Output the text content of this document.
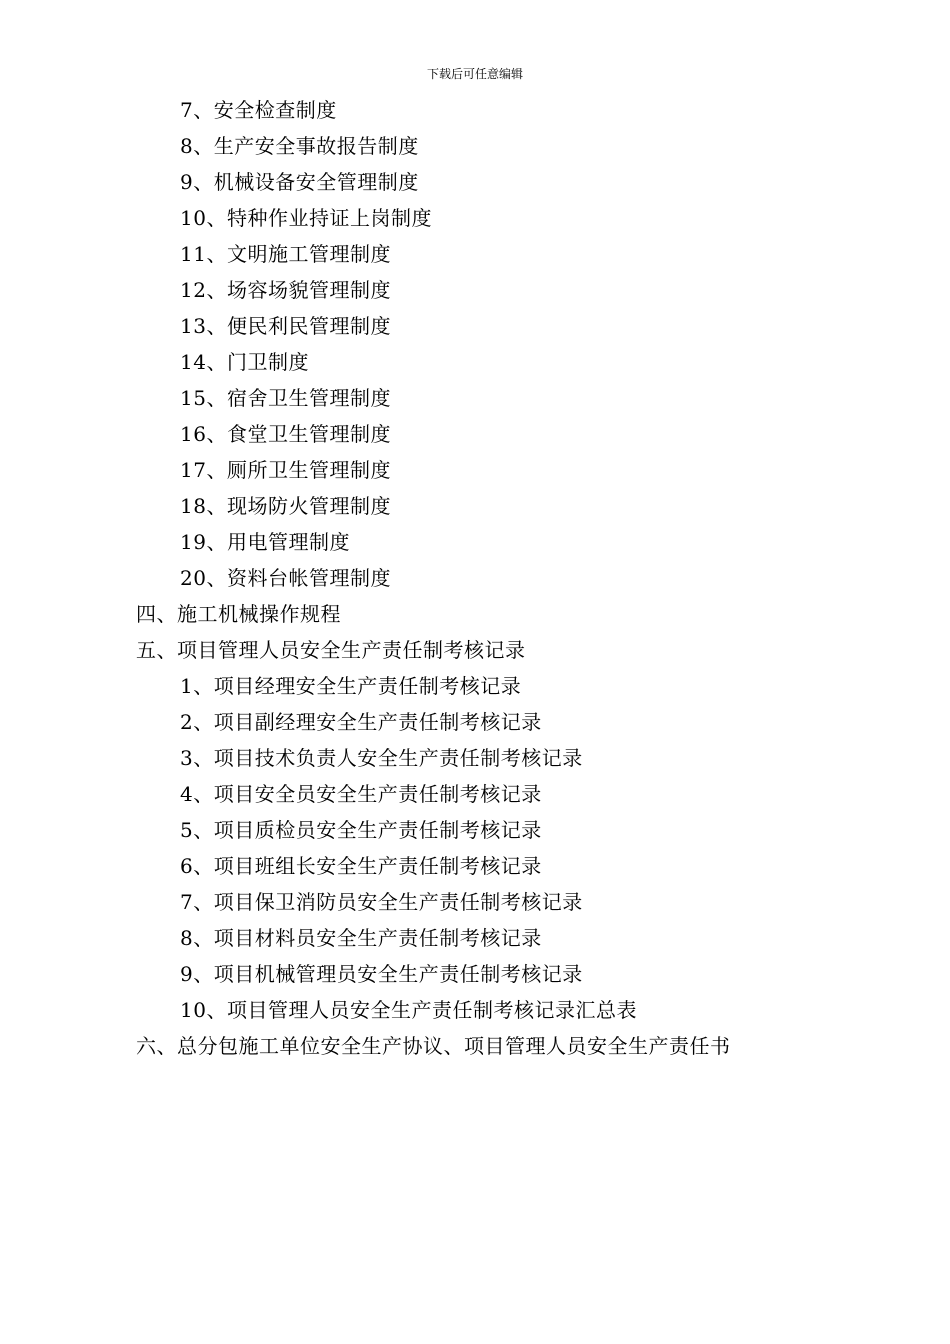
下载后可任意编辑
7、安全检查制度
8、生产安全事故报告制度
9、机械设备安全管理制度
10、特种作业持证上岗制度
11、文明施工管理制度
12、场容场貌管理制度
13、便民利民管理制度
14、门卫制度
15、宿舍卫生管理制度
16、食堂卫生管理制度
17、厕所卫生管理制度
18、现场防火管理制度
19、用电管理制度
20、资料台帐管理制度
四、施工机械操作规程
五、项目管理人员安全生产责任制考核记录
1、项目经理安全生产责任制考核记录
2、项目副经理安全生产责任制考核记录
3、项目技术负责人安全生产责任制考核记录
4、项目安全员安全生产责任制考核记录
5、项目质检员安全生产责任制考核记录
6、项目班组长安全生产责任制考核记录
7、项目保卫消防员安全生产责任制考核记录
8、项目材料员安全生产责任制考核记录
9、项目机械管理员安全生产责任制考核记录
10、项目管理人员安全生产责任制考核记录汇总表
六、总分包施工单位安全生产协议、项目管理人员安全生产责任书
